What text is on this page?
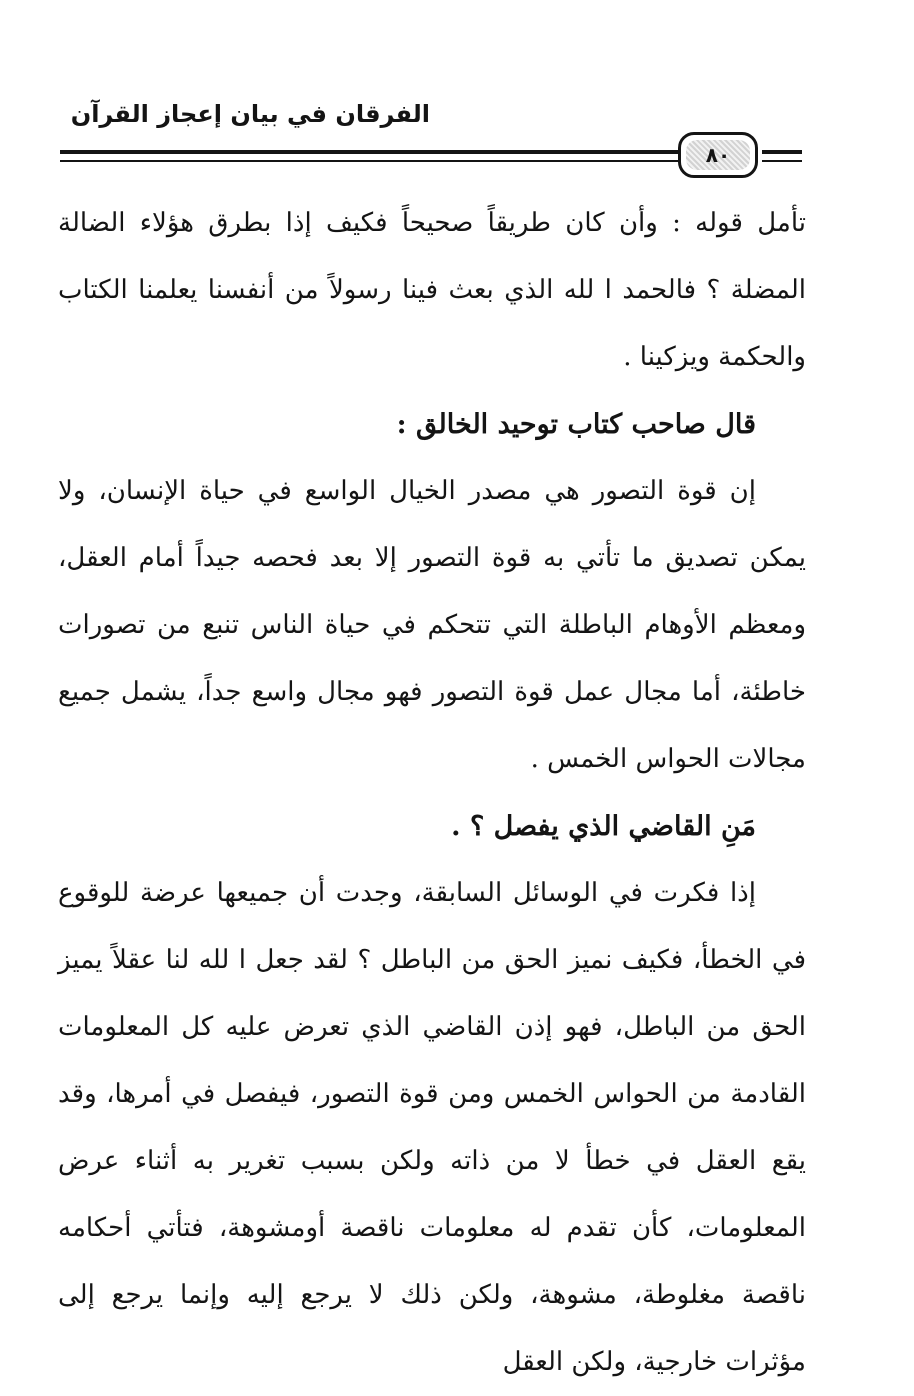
الفرقان في بيان إعجاز القرآن
٨٠

تأمل قوله : وأن كان طريقاً صحيحاً فكيف إذا بطرق هؤلاء الضالة المضلة ؟ فالحمد ا لله الذي بعث فينا رسولاً من أنفسنا يعلمنا الكتاب والحكمة ويزكينا .

قال صاحب كتاب توحيد الخالق :

إن قوة التصور هي مصدر الخيال الواسع في حياة الإنسان، ولا يمكن تصديق ما تأتي به قوة التصور إلا بعد فحصه جيداً أمام العقل، ومعظم الأوهام الباطلة التي تتحكم في حياة الناس تنبع من تصورات خاطئة، أما مجال عمل قوة التصور فهو مجال واسع جداً، يشمل جميع مجالات الحواس الخمس .

مَنِ القاضي الذي يفصل ؟ .

إذا فكرت في الوسائل السابقة، وجدت أن جميعها عرضة للوقوع في الخطأ، فكيف نميز الحق من الباطل ؟ لقد جعل ا لله لنا عقلاً يميز الحق من الباطل، فهو إذن القاضي الذي تعرض عليه كل المعلومات القادمة من الحواس الخمس ومن قوة التصور، فيفصل في أمرها، وقد يقع العقل في خطأ لا من ذاته ولكن بسبب تغرير به أثناء عرض المعلومات، كأن تقدم له معلومات ناقصة أومشوهة، فتأتي أحكامه ناقصة مغلوطة، مشوهة، ولكن ذلك لا يرجع إليه وإنما يرجع إلى مؤثرات خارجية، ولكن العقل
